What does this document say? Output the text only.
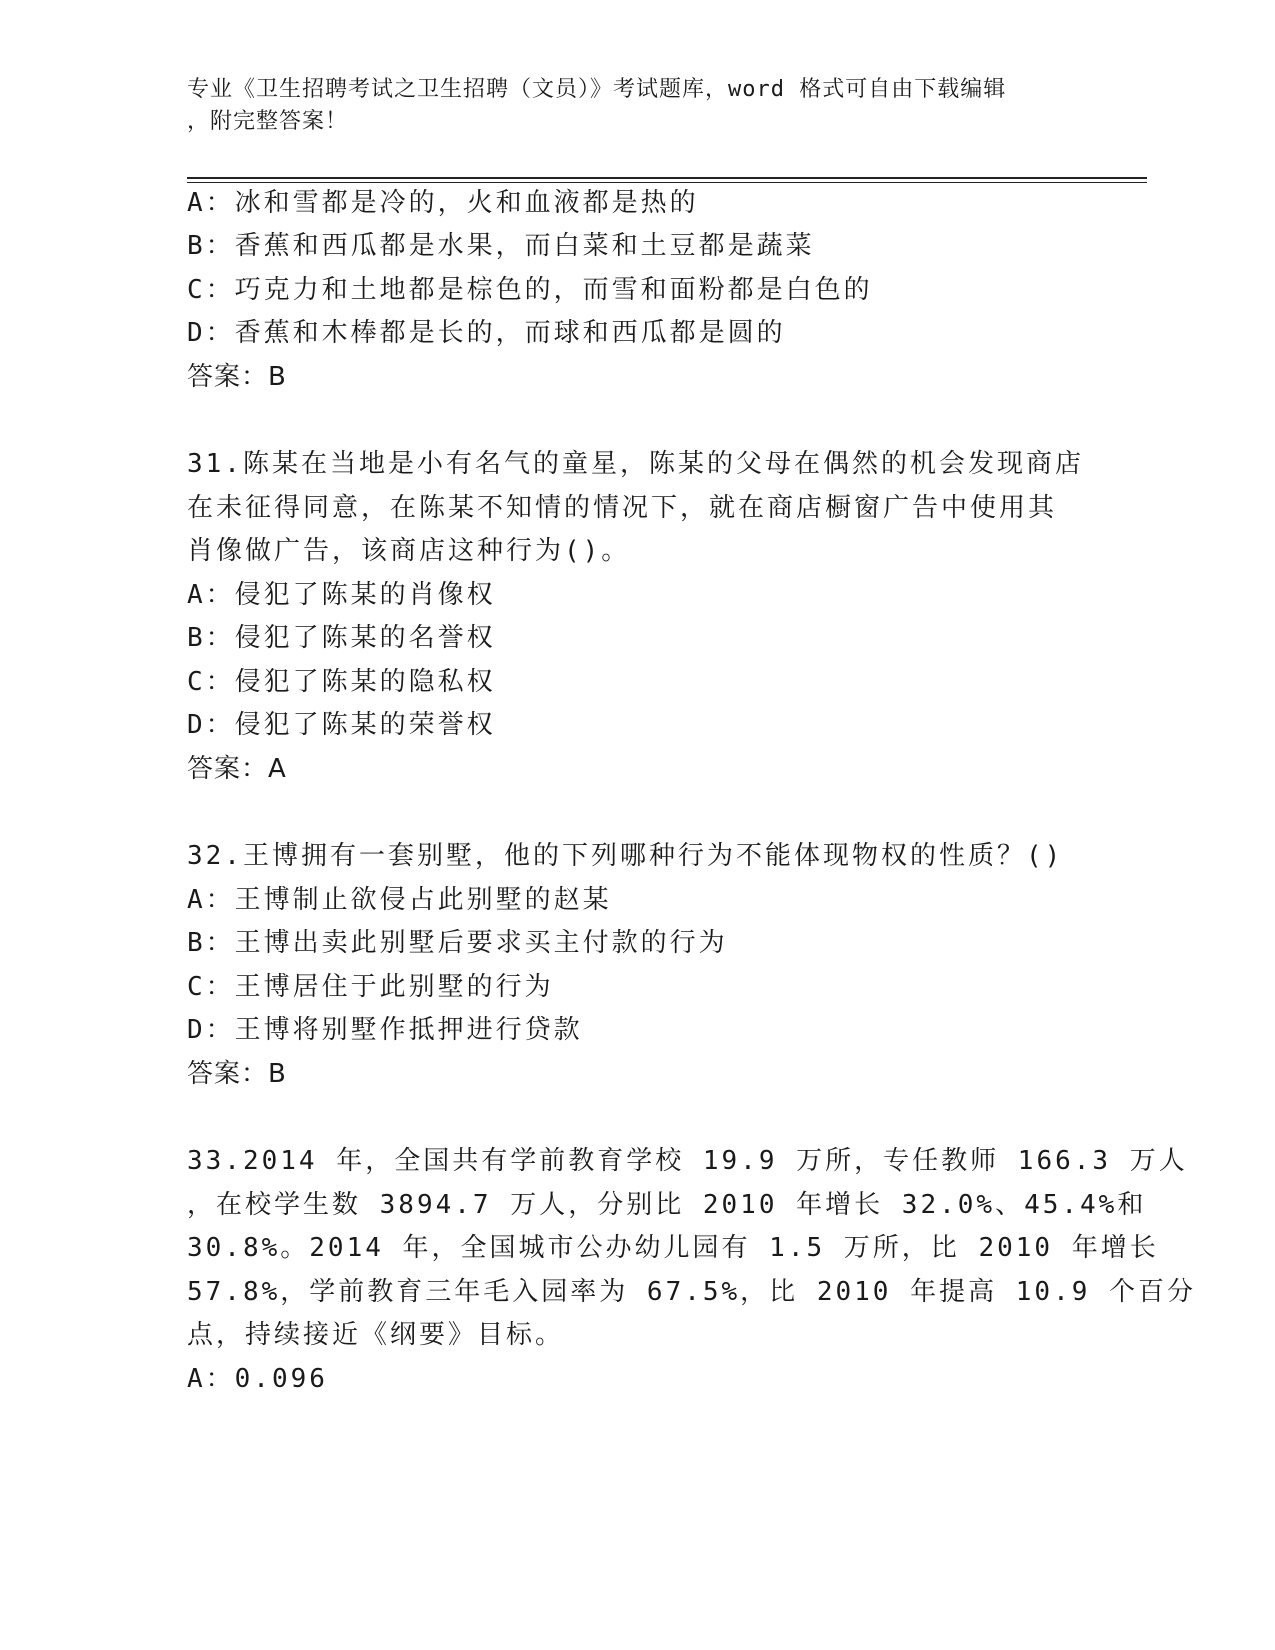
专业《卫生招聘考试之卫生招聘（文员）》考试题库，word 格式可自由下载编辑
，附完整答案！
A：冰和雪都是冷的，火和血液都是热的
B：香蕉和西瓜都是水果，而白菜和土豆都是蔬菜
C：巧克力和土地都是棕色的，而雪和面粉都是白色的
D：香蕉和木棒都是长的，而球和西瓜都是圆的
答案：B
31.陈某在当地是小有名气的童星，陈某的父母在偶然的机会发现商店
在未征得同意，在陈某不知情的情况下，就在商店橱窗广告中使用其
肖像做广告，该商店这种行为()。
A：侵犯了陈某的肖像权
B：侵犯了陈某的名誉权
C：侵犯了陈某的隐私权
D：侵犯了陈某的荣誉权
答案：A
32.王博拥有一套别墅，他的下列哪种行为不能体现物权的性质？()
A：王博制止欲侵占此别墅的赵某
B：王博出卖此别墅后要求买主付款的行为
C：王博居住于此别墅的行为
D：王博将别墅作抵押进行贷款
答案：B
33.2014 年，全国共有学前教育学校 19.9 万所，专任教师 166.3 万人
，在校学生数 3894.7 万人，分别比 2010 年增长 32.0%、45.4%和
30.8%。2014 年，全国城市公办幼儿园有 1.5 万所，比 2010 年增长
57.8%，学前教育三年毛入园率为 67.5%，比 2010 年提高 10.9 个百分
点，持续接近《纲要》目标。
A：0.096
